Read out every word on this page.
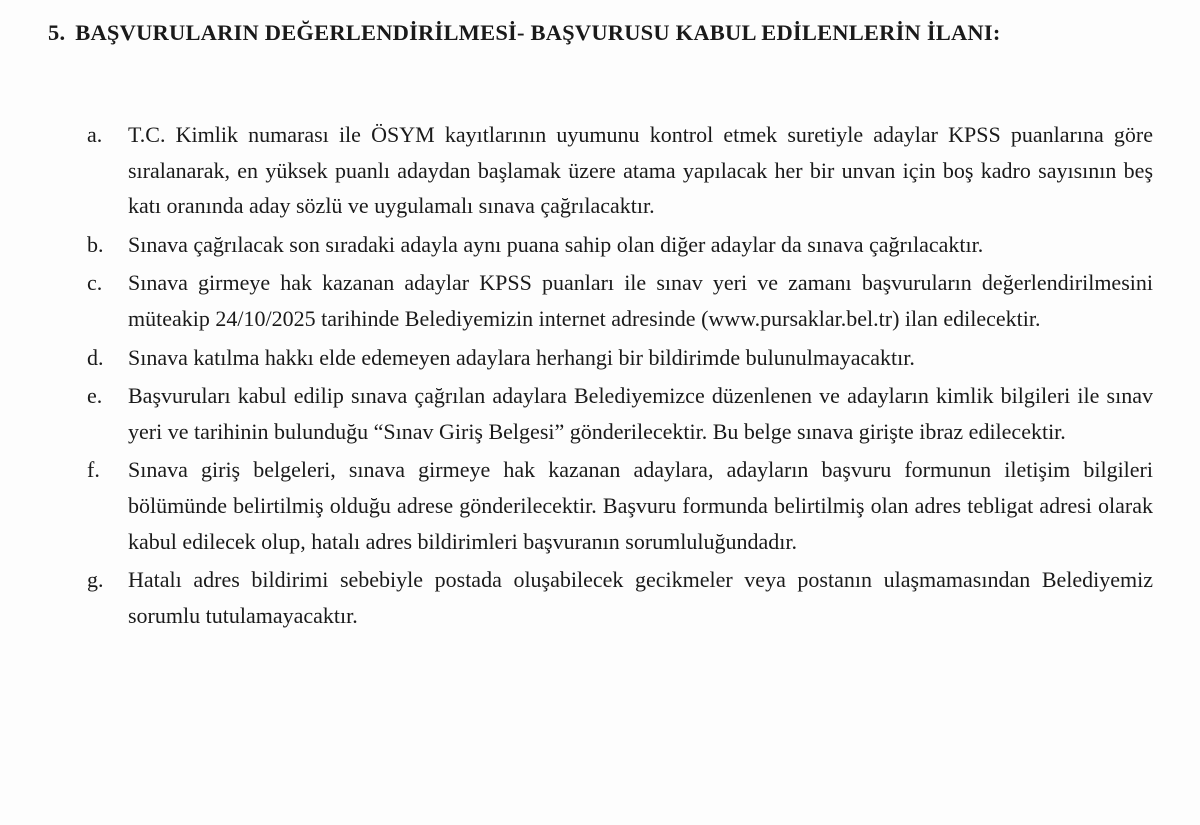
5. BAŞVURULARIN DEĞERLENDİRİLMESİ- BAŞVURUSU KABUL EDİLENLERİN İLANI:
a.	T.C. Kimlik numarası ile ÖSYM kayıtlarının uyumunu kontrol etmek suretiyle adaylar KPSS puanlarına göre sıralanarak, en yüksek puanlı adaydan başlamak üzere atama yapılacak her bir unvan için boş kadro sayısının beş katı oranında aday sözlü ve uygulamalı sınava çağrılacaktır.
b.	Sınava çağrılacak son sıradaki adayla aynı puana sahip olan diğer adaylar da sınava çağrılacaktır.
c.	Sınava girmeye hak kazanan adaylar KPSS puanları ile sınav yeri ve zamanı başvuruların değerlendirilmesini müteakip 24/10/2025 tarihinde Belediyemizin internet adresinde (www.pursaklar.bel.tr) ilan edilecektir.
d.	Sınava katılma hakkı elde edemeyen adaylara herhangi bir bildirimde bulunulmayacaktır.
e.	Başvuruları kabul edilip sınava çağrılan adaylara Belediyemizce düzenlenen ve adayların kimlik bilgileri ile sınav yeri ve tarihinin bulunduğu “Sınav Giriş Belgesi” gönderilecektir. Bu belge sınava girişte ibraz edilecektir.
f.	Sınava giriş belgeleri, sınava girmeye hak kazanan adaylara, adayların başvuru formunun iletişim bilgileri bölümünde belirtilmiş olduğu adrese gönderilecektir. Başvuru formunda belirtilmiş olan adres tebligat adresi olarak kabul edilecek olup, hatalı adres bildirimleri başvuranın sorumluluğundadır.
g.	Hatalı adres bildirimi sebebiyle postada oluşabilecek gecikmeler veya postanın ulaşmamasından Belediyemiz sorumlu tutulamayacaktır.
